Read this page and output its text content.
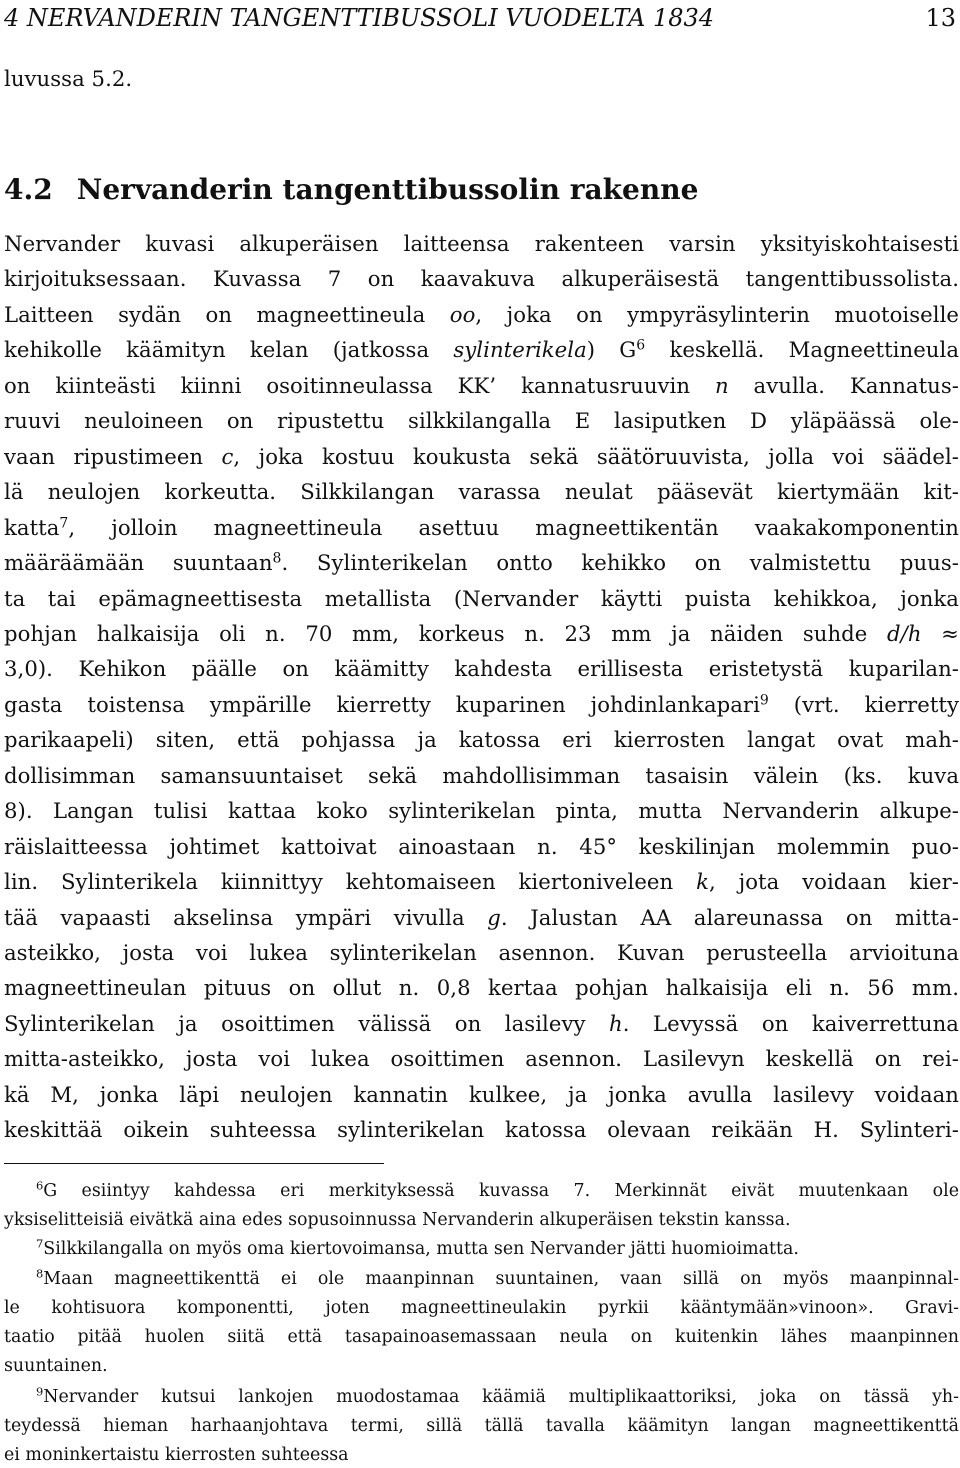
4 NERVANDERIN TANGENTTIBUSSOLI VUODELTA 1834	13
luvussa 5.2.
4.2 Nervanderin tangenttibussolin rakenne
Nervander kuvasi alkuperäisen laitteensa rakenteen varsin yksityiskohtaisesti
kirjoituksessaan. Kuvassa 7 on kaavakuva alkuperäisestä tangenttibussolista.
Laitteen sydän on magneettineula oo, joka on ympyräsylinterin muotoiselle
kehikolle käämityn kelan (jatkossa sylinterikela) $G^6$ keskellä. Magneettineula
on kiinteästi kiinni osoitinneulassa KK’ kannatusruuvin n avulla. Kannatus-
ruuvi neuloineen on ripustettu silkkilangalla E lasiputken D yläpäässä ole-
vaan ripustimeen c, joka kostuu koukusta sekä säätöruuvista, jolla voi säädel-
lä neulojen korkeutta. Silkkilangan varassa neulat pääsevät kiertymään kit-
katta$^7$, jolloin magneettineula asettuu magneettikentän vaakakomponentin
määräämään suuntaan$^8$. Sylinterikelan ontto kehikko on valmistettu puus-
ta tai epämagneettisesta metallista (Nervander käytti puista kehikkoa, jonka
pohjan halkaisija oli n. 70 mm, korkeus n. 23 mm ja näiden suhde d/h ≈
3,0). Kehikon päälle on käämitty kahdesta erillisesta eristetystä kuparilan-
gasta toistensa ympärille kierretty kuparinen johdinlankapari$^9$ (vrt. kierretty
parikaapeli) siten, että pohjassa ja katossa eri kierrosten langat ovat mah-
dollisimman samansuuntaiset sekä mahdollisimman tasaisin välein (ks. kuva
8). Langan tulisi kattaa koko sylinterikelan pinta, mutta Nervanderin alkupe-
räislaitteessa johtimet kattoivat ainoastaan n. 45° keskilinjan molemmin puo-
lin. Sylinterikela kiinnittyy kehtomaiseen kiertoniveleen k, jota voidaan kier-
tää vapaasti akselinsa ympäri vivulla g. Jalustan AA alareunassa on mitta-
asteikko, josta voi lukea sylinterikelan asennon. Kuvan perusteella arvioituna
magneettineulan pituus on ollut n. 0,8 kertaa pohjan halkaisija eli n. 56 mm.
Sylinterikelan ja osoittimen välissä on lasilevy h. Levyssä on kaiverrettuna
mitta-asteikko, josta voi lukea osoittimen asennon. Lasilevyn keskellä on rei-
kä M, jonka läpi neulojen kannatin kulkee, ja jonka avulla lasilevy voidaan
keskittää oikein suhteessa sylinterikelan katossa olevaan reikään H. Sylinteri-
$^6$G esiintyy kahdessa eri merkityksessä kuvassa 7. Merkinnät eivät muutenkaan ole
yksiselitteisiä eivätkä aina edes sopusoinnussa Nervanderin alkuperäisen tekstin kanssa.
$^7$Silkkilangalla on myös oma kiertovoimansa, mutta sen Nervander jätti huomioimatta.
$^8$Maan magneettikenttä ei ole maanpinnan suuntainen, vaan sillä on myös maanpinnal-
le kohtisuora komponentti, joten magneettineulakin pyrkii kääntymään»vinoon». Gravi-
taatio pitää huolen siitä että tasapainoasemassaan neula on kuitenkin lähes maanpinnen
suuntainen.
$^9$Nervander kutsui lankojen muodostamaa käämiä multiplikaattoriksi, joka on tässä yh-
teydessä hieman harhaanjohtava termi, sillä tällä tavalla käämityn langan magneettikenttä
ei moninkertaistu kierrosten suhteessa
